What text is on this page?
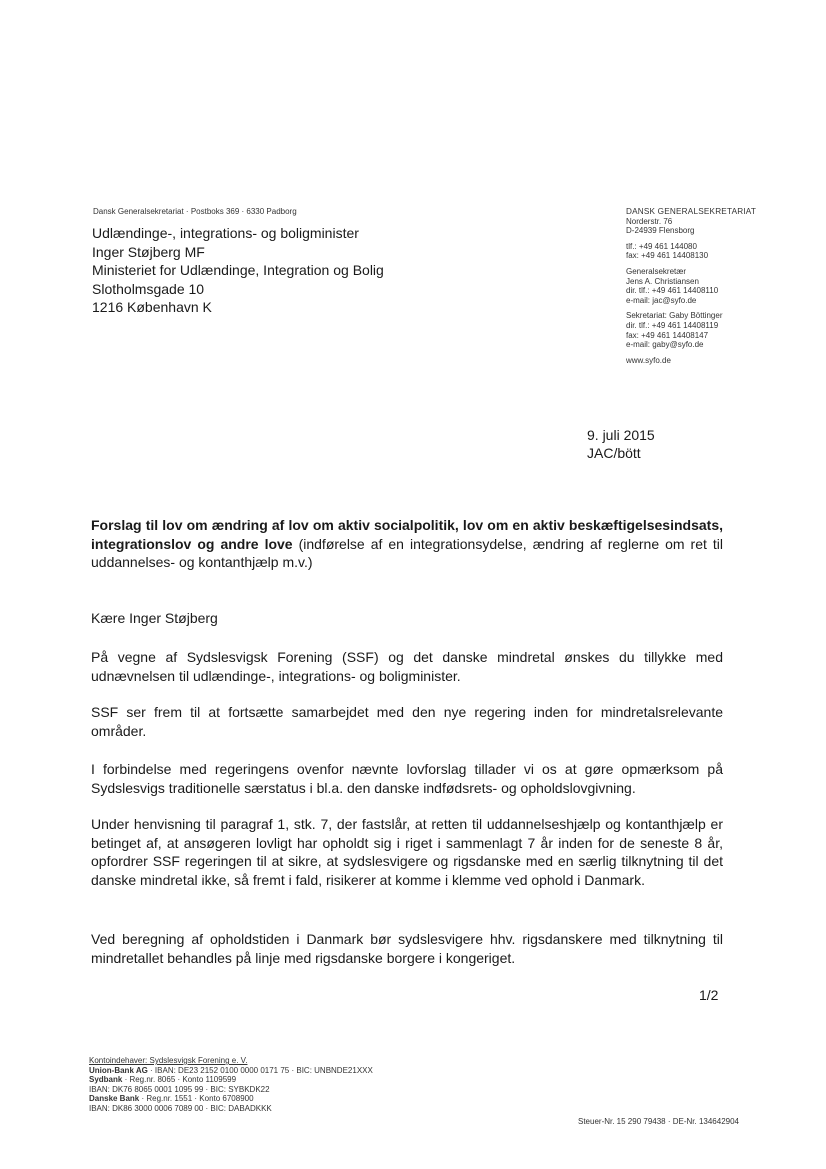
Dansk Generalsekretariat · Postboks 369 · 6330 Padborg
Udlændinge-, integrations- og boligminister
Inger Støjberg MF
Ministeriet for Udlændinge, Integration og Bolig
Slotholmsgade 10
1216 København K
DANSK GENERALSEKRETARIAT
Norderstr. 76
D-24939 Flensborg
tlf.: +49 461 144080
fax: +49 461 14408130
Generalsekretær
Jens A. Christiansen
dir. tlf.: +49 461 14408110
e-mail: jac@syfo.de
Sekretariat: Gaby Böttinger
dir. tlf.: +49 461 14408119
fax: +49 461 14408147
e-mail: gaby@syfo.de
www.syfo.de
9. juli 2015
JAC/bött
Forslag til lov om ændring af lov om aktiv socialpolitik, lov om en aktiv beskæftigelsesindsats, integrationslov og andre love (indførelse af en integrationsydelse, ændring af reglerne om ret til uddannelses- og kontanthjælp m.v.)
Kære Inger Støjberg
På vegne af Sydslesvigsk Forening (SSF) og det danske mindretal ønskes du tillykke med udnævnelsen til udlændinge-, integrations- og boligminister.
SSF ser frem til at fortsætte samarbejdet med den nye regering inden for mindretalsrelevante områder.
I forbindelse med regeringens ovenfor nævnte lovforslag tillader vi os at gøre opmærksom på Sydslesvigs traditionelle særstatus i bl.a. den danske indfødsrets- og opholdslovgivning.
Under henvisning til paragraf 1, stk. 7, der fastslår, at retten til uddannelseshjælp og kontanthjælp er betinget af, at ansøgeren lovligt har opholdt sig i riget i sammenlagt 7 år inden for de seneste 8 år, opfordrer SSF regeringen til at sikre, at sydslesvigere og rigsdanske med en særlig tilknytning til det danske mindretal ikke, så fremt i fald, risikerer at komme i klemme ved ophold i Danmark.
Ved beregning af opholdstiden i Danmark bør sydslesvigere hhv. rigsdanskere med tilknytning til mindretallet behandles på linje med rigsdanske borgere i kongeriget.
1/2
Kontoindehaver: Sydslesvigsk Forening e. V.
Union-Bank AG · IBAN: DE23 2152 0100 0000 0171 75 · BIC: UNBNDE21XXX
Sydbank · Reg.nr. 8065 · Konto 1109599
IBAN: DK76 8065 0001 1095 99 · BIC: SYBKDK22
Danske Bank · Reg.nr. 1551 · Konto 6708900
IBAN: DK86 3000 0006 7089 00 · BIC: DABADKKK
Steuer-Nr. 15 290 79438 · DE-Nr. 134642904
